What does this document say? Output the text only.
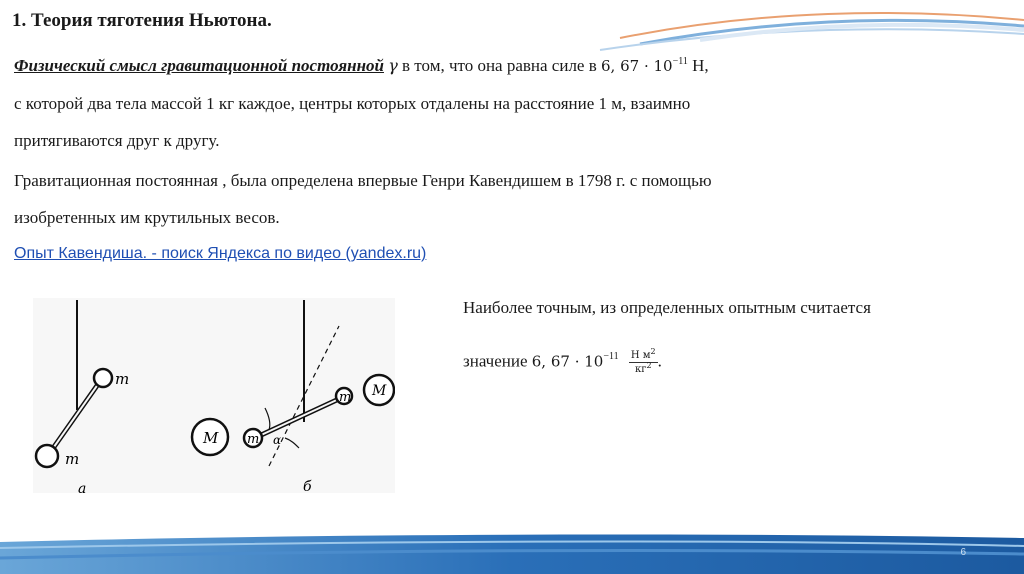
1. Теория тяготения Ньютона.
Физический смысл гравитационной постоянной γ в том, что она равна силе в 6, $67 \cdot 10^{-11}$ Н,
с которой два тела массой 1 кг каждое, центры которых отдалены на расстояние 1 м, взаимно
притягиваются друг к другу.
Гравитационная постоянная , была определена впервые Генри Кавендишем в 1798 г. с помощью
изобретенных им крутильных весов.
Опыт Кавендиша. - поиск Яндекса по видео (yandex.ru)
m
m
а
M m
m M
α
б
Наиболее точным, из определенных опытным считается
значение 6, $67 \cdot 10^{-11} \frac{Н м^2}{кг^2}$ .
6
